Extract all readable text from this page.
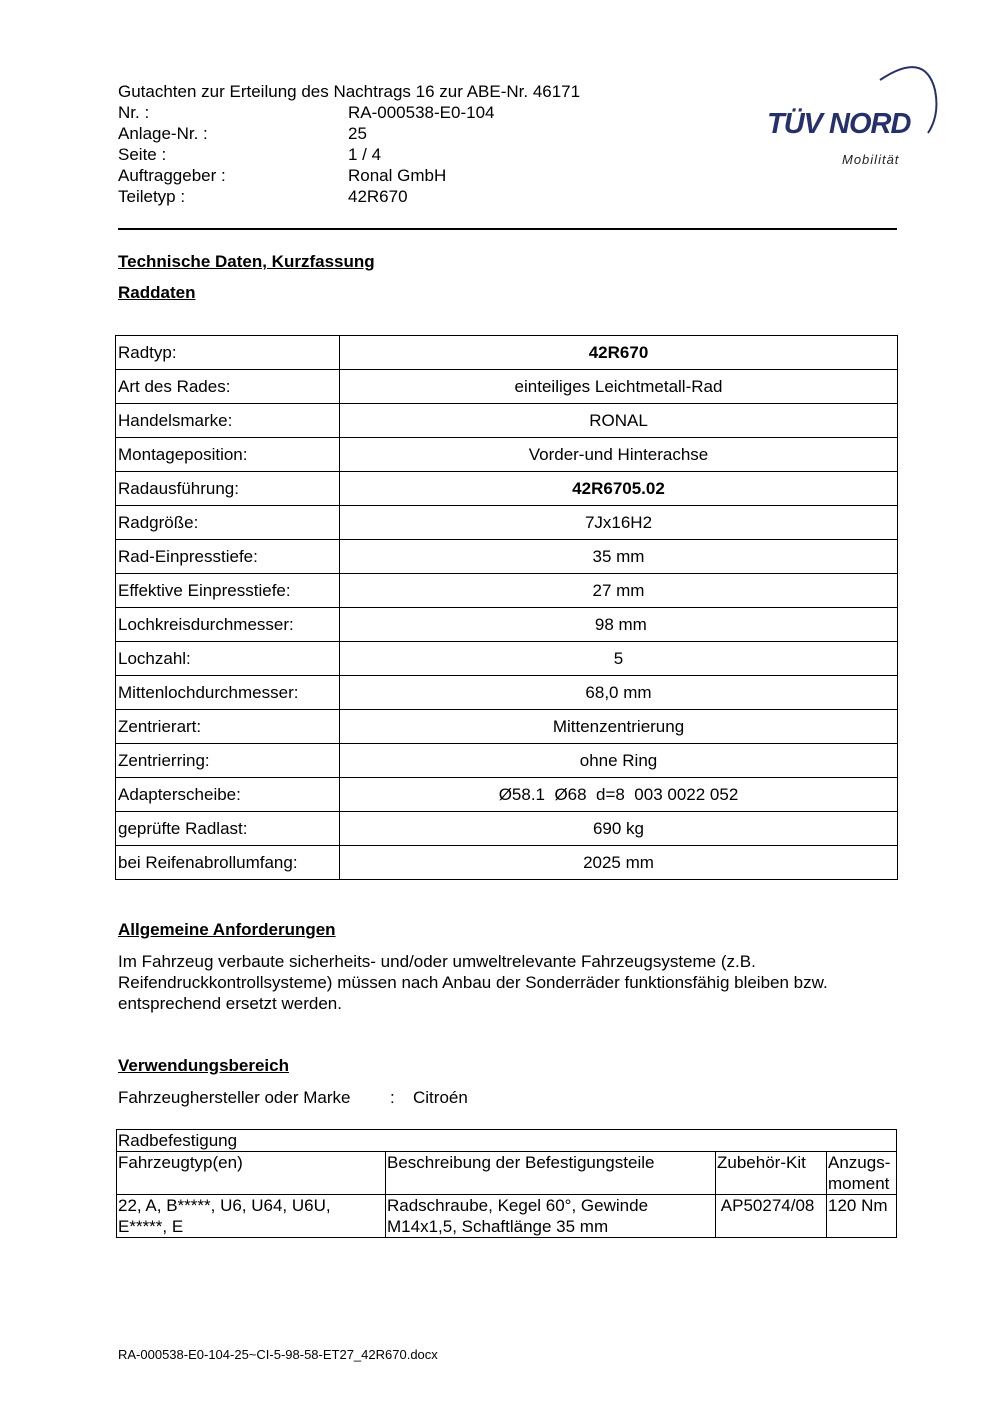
Gutachten zur Erteilung des Nachtrags 16 zur ABE-Nr. 46171
Nr. :	RA-000538-E0-104
Anlage-Nr. :	25
Seite :	1 / 4
Auftraggeber :	Ronal GmbH
Teiletyp :	42R670
TÜV NORD
Mobilität
Technische Daten, Kurzfassung
Raddaten
Radtyp:	42R670
Art des Rades:	einteiliges Leichtmetall-Rad
Handelsmarke:	RONAL
Montageposition:	Vorder-und Hinterachse
Radausführung:	42R6705.02
Radgröße:	7Jx16H2
Rad-Einpresstiefe:	35 mm
Effektive Einpresstiefe:	27 mm
Lochkreisdurchmesser:	98 mm
Lochzahl:	5
Mittenlochdurchmesser:	68,0 mm
Zentrierart:	Mittenzentrierung
Zentrierring:	ohne Ring
Adapterscheibe:	Ø58.1  Ø68  d=8  003 0022 052
geprüfte Radlast:	690 kg
bei Reifenabrollumfang:	2025 mm
Allgemeine Anforderungen
Im Fahrzeug verbaute sicherheits- und/oder umweltrelevante Fahrzeugsysteme (z.B. Reifendruckkontrollsysteme) müssen nach Anbau der Sonderräder funktionsfähig bleiben bzw. entsprechend ersetzt werden.
Verwendungsbereich
Fahrzeughersteller oder Marke : Citroén
Radbefestigung			
Fahrzeugtyp(en)	Beschreibung der Befestigungsteile	Zubehör-Kit	Anzugs-moment
22, A, B*****, U6, U64, U6U, E*****, E	Radschraube, Kegel 60°, Gewinde M14x1,5, Schaftlänge 35 mm	AP50274/08	120 Nm
RA-000538-E0-104-25~CI-5-98-58-ET27_42R670.docx
